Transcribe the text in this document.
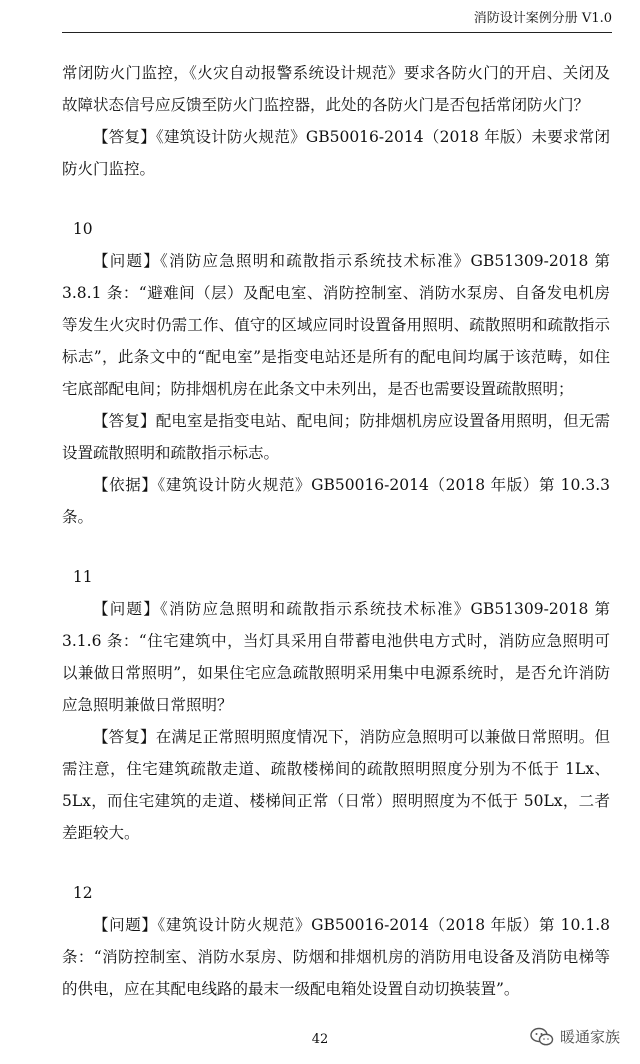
消防设计案例分册 V1.0

常闭防火门监控，《火灾自动报警系统设计规范》要求各防火门的开启、关闭及故障状态信号应反馈至防火门监控器，此处的各防火门是否包括常闭防火门？

【答复】《建筑设计防火规范》GB50016-2014（2018 年版）未要求常闭防火门监控。

10

【问题】《消防应急照明和疏散指示系统技术标准》GB51309-2018 第 3.8.1 条：“避难间（层）及配电室、消防控制室、消防水泵房、自备发电机房等发生火灾时仍需工作、值守的区域应同时设置备用照明、疏散照明和疏散指示标志”，此条文中的“配电室”是指变电站还是所有的配电间均属于该范畴，如住宅底部配电间；防排烟机房在此条文中未列出，是否也需要设置疏散照明；

【答复】配电室是指变电站、配电间；防排烟机房应设置备用照明，但无需设置疏散照明和疏散指示标志。

【依据】《建筑设计防火规范》GB50016-2014（2018 年版）第 10.3.3 条。

11

【问题】《消防应急照明和疏散指示系统技术标准》GB51309-2018 第 3.1.6 条：“住宅建筑中，当灯具采用自带蓄电池供电方式时，消防应急照明可以兼做日常照明”，如果住宅应急疏散照明采用集中电源系统时，是否允许消防应急照明兼做日常照明？

【答复】在满足正常照明照度情况下，消防应急照明可以兼做日常照明。但需注意，住宅建筑疏散走道、疏散楼梯间的疏散照明照度分别为不低于 1Lx、5Lx，而住宅建筑的走道、楼梯间正常（日常）照明照度为不低于 50Lx，二者差距较大。

12

【问题】《建筑设计防火规范》GB50016-2014（2018 年版）第 10.1.8 条：“消防控制室、消防水泵房、防烟和排烟机房的消防用电设备及消防电梯等的供电，应在其配电线路的最末一级配电箱处设置自动切换装置”。

42	暖通家族
